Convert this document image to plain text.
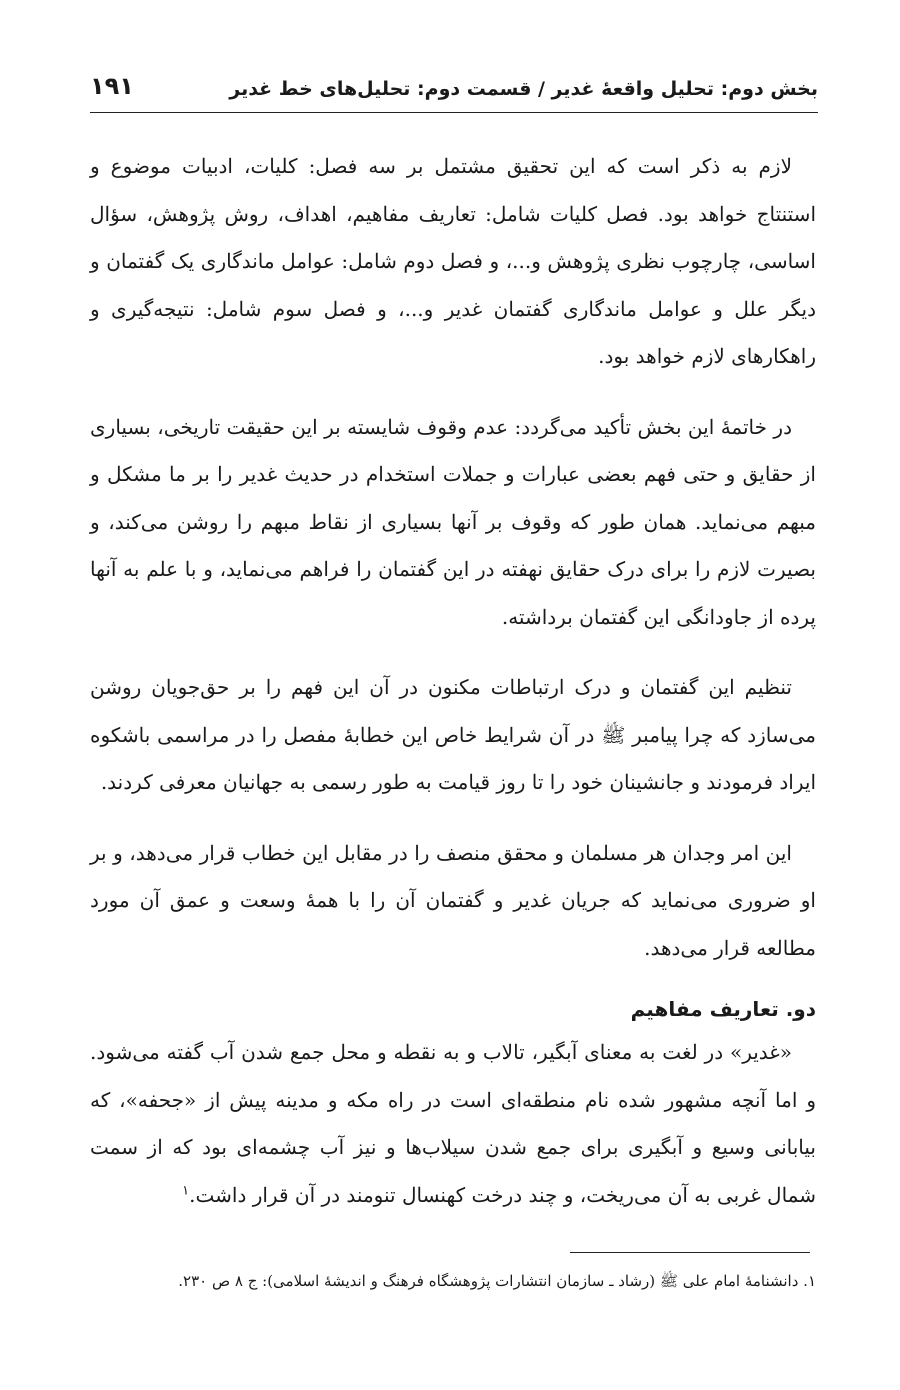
بخش دوم: تحلیل واقعهٔ غدیر / قسمت دوم: تحلیل‌های خط غدیر
۱۹۱

لازم به ذکر است که این تحقیق مشتمل بر سه فصل: کلیات، ادبیات موضوع و استنتاج خواهد بود. فصل کلیات شامل: تعاریف مفاهیم، اهداف، روش پژوهش، سؤال اساسی، چارچوب نظری پژوهش و...، و فصل دوم شامل: عوامل ماندگاری یک گفتمان و دیگر علل و عوامل ماندگاری گفتمان غدیر و...، و فصل سوم شامل: نتیجه‌گیری و راهکارهای لازم خواهد بود.

در خاتمهٔ این بخش تأکید می‌گردد: عدم وقوف شایسته بر این حقیقت تاریخی، بسیاری از حقایق و حتی فهم بعضی عبارات و جملات استخدام در حدیث غدیر را بر ما مشکل و مبهم می‌نماید. همان طور که وقوف بر آنها بسیاری از نقاط مبهم را روشن می‌کند، و بصیرت لازم را برای درک حقایق نهفته در این گفتمان را فراهم می‌نماید، و با علم به آنها پرده از جاودانگی این گفتمان برداشته.

تنظیم این گفتمان و درک ارتباطات مکنون در آن این فهم را بر حق‌جویان روشن می‌سازد که چرا پیامبر ﷺ در آن شرایط خاص این خطابهٔ مفصل را در مراسمی باشکوه ایراد فرمودند و جانشینان خود را تا روز قیامت به طور رسمی به جهانیان معرفی کردند.

این امر وجدان هر مسلمان و محقق منصف را در مقابل این خطاب قرار می‌دهد، و بر او ضروری می‌نماید که جریان غدیر و گفتمان آن را با همهٔ وسعت و عمق آن مورد مطالعه قرار می‌دهد.

دو. تعاریف مفاهیم

«غدیر» در لغت به معنای آبگیر، تالاب و به نقطه و محل جمع شدن آب گفته می‌شود. و اما آنچه مشهور شده نام منطقه‌ای است در راه مکه و مدینه پیش از «جحفه»، که بیابانی وسیع و آبگیری برای جمع شدن سیلاب‌ها و نیز آب چشمه‌ای بود که از سمت شمال غربی به آن می‌ریخت، و چند درخت کهنسال تنومند در آن قرار داشت.$^۱$

۱. دانشنامهٔ امام علی ﷺ (رشاد ـ سازمان انتشارات پژوهشگاه فرهنگ و اندیشهٔ اسلامی): ج ۸ ص ۲۳۰.
